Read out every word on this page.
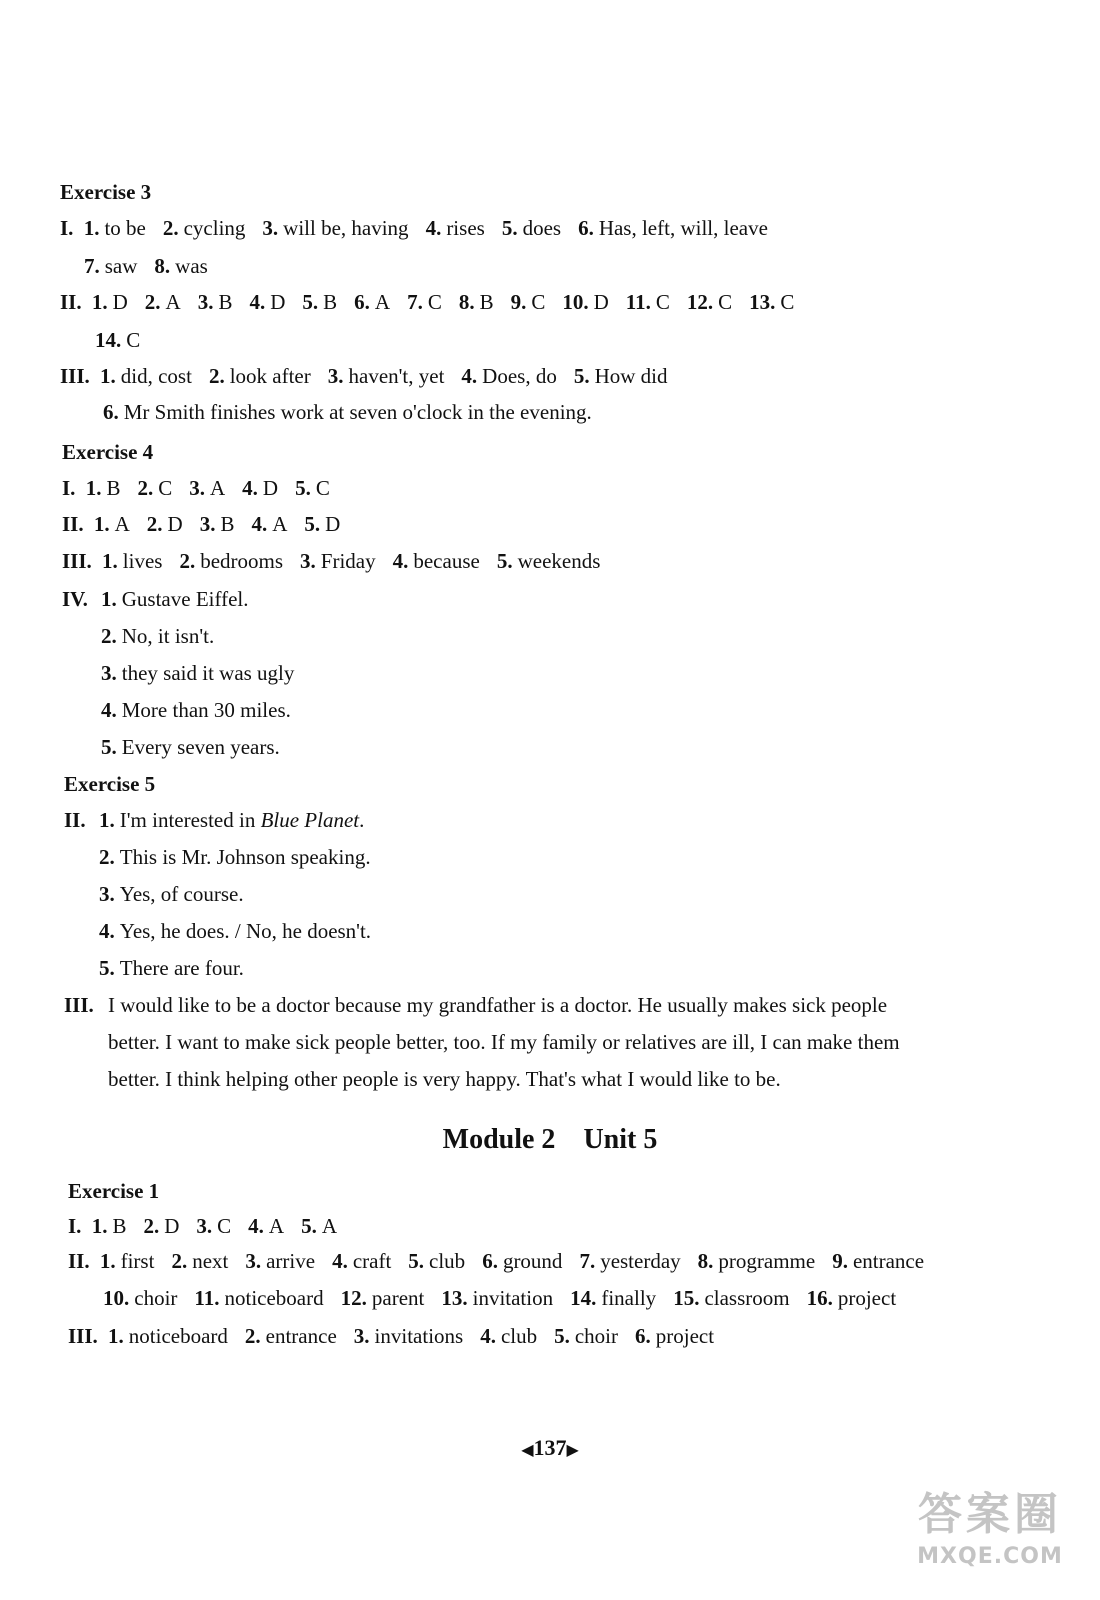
Exercise 3
I. 1. to be 2. cycling 3. will be, having 4. rises 5. does 6. Has, left, will, leave
7. saw 8. was
II. 1. D 2. A 3. B 4. D 5. B 6. A 7. C 8. B 9. C 10. D 11. C 12. C 13. C
14. C
III. 1. did, cost 2. look after 3. haven't, yet 4. Does, do 5. How did
6. Mr Smith finishes work at seven o'clock in the evening.
Exercise 4
I. 1. B 2. C 3. A 4. D 5. C
II. 1. A 2. D 3. B 4. A 5. D
III. 1. lives 2. bedrooms 3. Friday 4. because 5. weekends
IV. 1. Gustave Eiffel.
2. No, it isn't.
3. they said it was ugly
4. More than 30 miles.
5. Every seven years.
Exercise 5
II. 1. I'm interested in Blue Planet.
2. This is Mr. Johnson speaking.
3. Yes, of course.
4. Yes, he does. / No, he doesn't.
5. There are four.
III. I would like to be a doctor because my grandfather is a doctor. He usually makes sick people
better. I want to make sick people better, too. If my family or relatives are ill, I can make them
better. I think helping other people is very happy. That's what I would like to be.
Module 2 Unit 5
Exercise 1
I. 1. B 2. D 3. C 4. A 5. A
II. 1. first 2. next 3. arrive 4. craft 5. club 6. ground 7. yesterday 8. programme 9. entrance
10. choir 11. noticeboard 12. parent 13. invitation 14. finally 15. classroom 16. project
III. 1. noticeboard 2. entrance 3. invitations 4. club 5. choir 6. project
◀137▶
答案圈
MXQE.COM
